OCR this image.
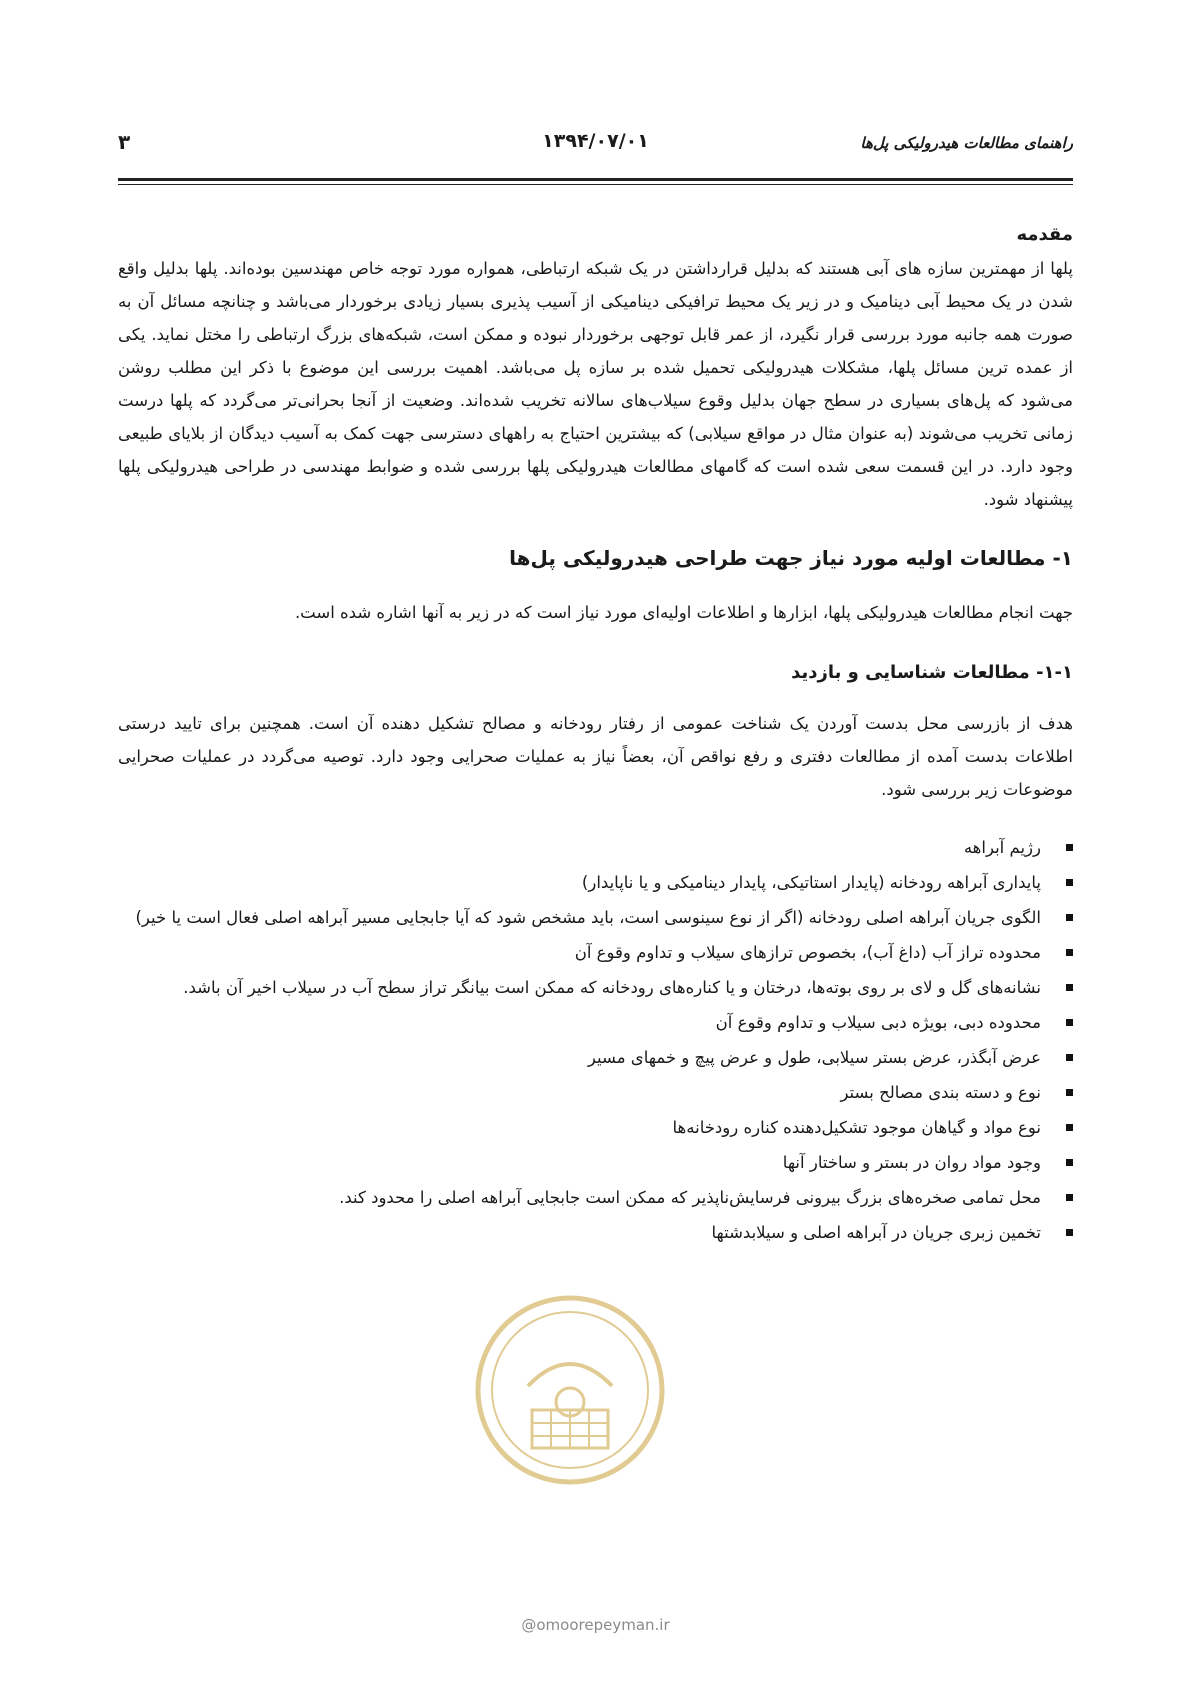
راهنمای مطالعات هیدرولیکی پل‌ها
۱۳۹۴/۰۷/۰۱
۳
مقدمه

پلها از مهمترین سازه های آبی هستند که بدلیل قرارداشتن در یک شبکه ارتباطی، همواره مورد توجه خاص مهندسین بوده‌اند. پلها بدلیل واقع شدن در یک محیط آبی دینامیک و در زیر یک محیط ترافیکی دینامیکی از آسیب پذیری بسیار زیادی برخوردار می‌باشد و چنانچه مسائل آن به صورت همه جانبه مورد بررسی قرار نگیرد، از عمر قابل توجهی برخوردار نبوده و ممکن است، شبکه‌های بزرگ ارتباطی را مختل نماید. یکی از عمده ترین مسائل پلها، مشکلات هیدرولیکی تحمیل شده بر سازه پل می‌باشد. اهمیت بررسی این موضوع با ذکر این مطلب روشن می‌شود که پل‌های بسیاری در سطح جهان بدلیل وقوع سیلاب‌های سالانه تخریب شده‌اند. وضعیت از آنجا بحرانی‌تر می‌گردد که پلها درست زمانی تخریب می‌شوند (به عنوان مثال در مواقع سیلابی) که بیشترین احتیاج به راههای دسترسی جهت کمک به آسیب دیدگان از بلایای طبیعی وجود دارد. در این قسمت سعی شده است که گامهای مطالعات هیدرولیکی پلها بررسی شده و ضوابط مهندسی در طراحی هیدرولیکی پلها پیشنهاد شود.

۱- مطالعات اولیه مورد نیاز جهت طراحی هیدرولیکی پل‌ها

جهت انجام مطالعات هیدرولیکی پلها، ابزارها و اطلاعات اولیه‌ای مورد نیاز است که در زیر به آنها اشاره شده است.

۱-۱- مطالعات شناسایی و بازدید

هدف از بازرسی محل بدست آوردن یک شناخت عمومی از رفتار رودخانه و مصالح تشکیل دهنده آن است. همچنین برای تایید درستی اطلاعات بدست آمده از مطالعات دفتری و رفع نواقص آن، بعضاً نیاز به عملیات صحرایی وجود دارد. توصیه می‌گردد در عملیات صحرایی موضوعات زیر بررسی شود.

رژیم آبراهه
پایداری آبراهه رودخانه (پایدار استاتیکی، پایدار دینامیکی و یا ناپایدار)
الگوی جریان آبراهه اصلی رودخانه (اگر از نوع سینوسی است، باید مشخص شود که آیا جابجایی مسیر آبراهه اصلی فعال است یا خیر)
محدوده تراز آب (داغ آب)، بخصوص ترازهای سیلاب و تداوم وقوع آن
نشانه‌های گل و لای بر روی بوته‌ها، درختان و یا کناره‌های رودخانه که ممکن است بیانگر تراز سطح آب در سیلاب اخیر آن باشد.
محدوده دبی، بویژه دبی سیلاب و تداوم وقوع آن
عرض آبگذر، عرض بستر سیلابی، طول و عرض پیچ و خمهای مسیر
نوع و دسته بندی مصالح بستر
نوع مواد و گیاهان موجود تشکیل‌دهنده کناره رودخانه‌ها
وجود مواد روان در بستر و ساختار آنها
محل تمامی صخره‌های بزرگ بیرونی فرسایش‌ناپذیر که ممکن است جابجایی آبراهه اصلی را محدود کند.
تخمین زبری جریان در آبراهه اصلی و سیلابدشتها
@omoorepeyman.ir
